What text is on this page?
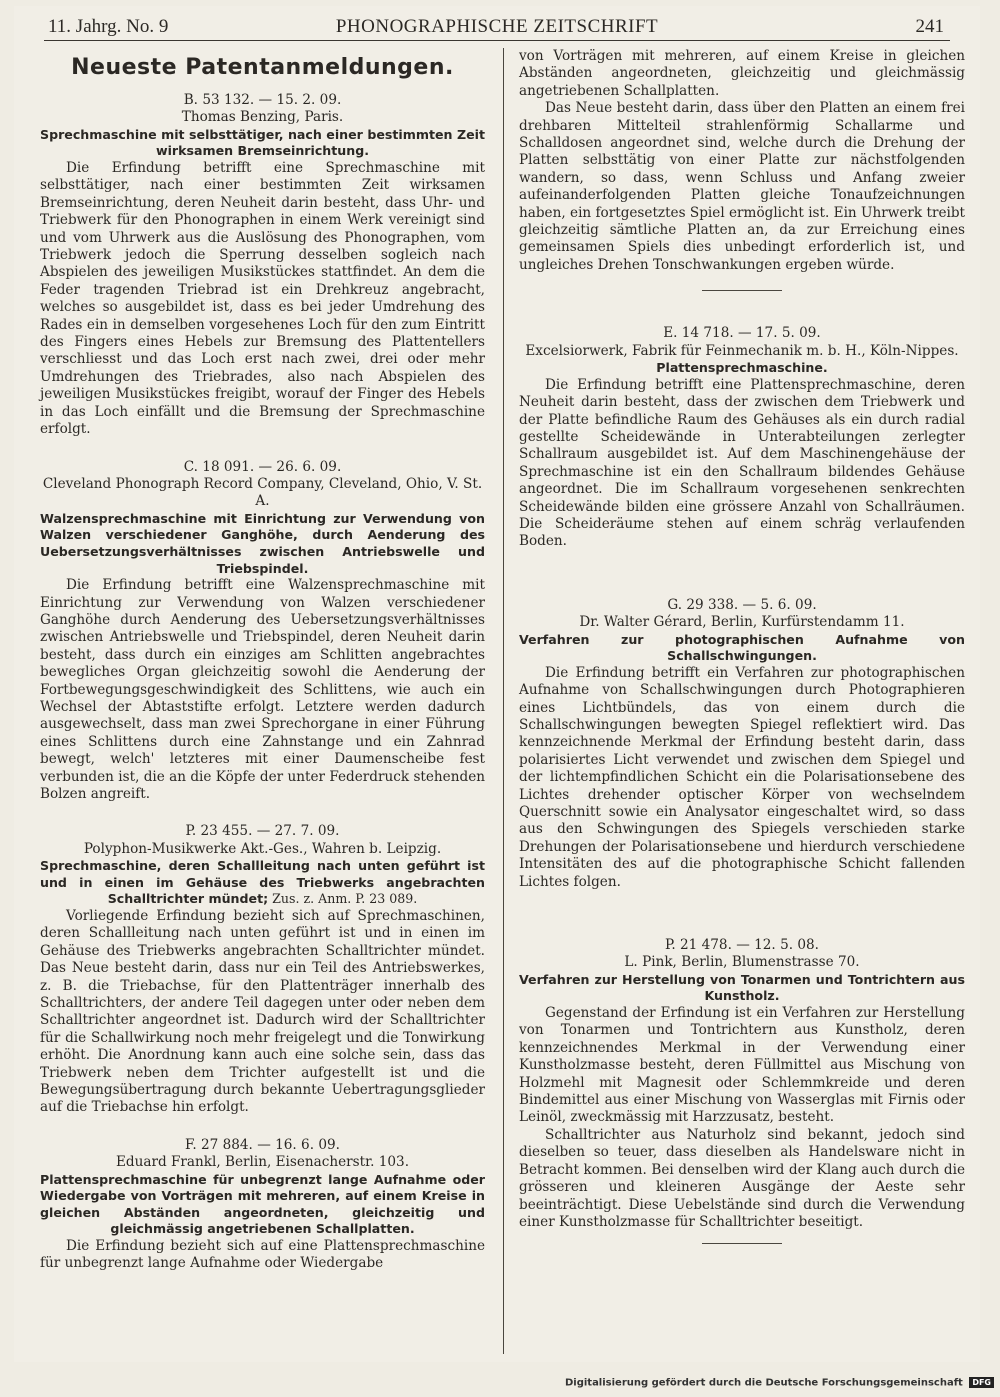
11. Jahrg. No. 9	PHONOGRAPHISCHE ZEITSCHRIFT	241
Neueste Patentanmeldungen.
B. 53 132. — 15. 2. 09.
Thomas Benzing, Paris.
Sprechmaschine mit selbsttätiger, nach einer bestimmten Zeit wirksamen Bremseinrichtung.
Die Erfindung betrifft eine Sprechmaschine mit selbsttätiger, nach einer bestimmten Zeit wirksamen Bremseinrichtung, deren Neuheit darin besteht, dass Uhr- und Triebwerk für den Phonographen in einem Werk vereinigt sind und vom Uhrwerk aus die Auslösung des Phonographen, vom Triebwerk jedoch die Sperrung desselben sogleich nach Abspielen des jeweiligen Musikstückes stattfindet. An dem die Feder tragenden Triebrad ist ein Drehkreuz angebracht, welches so ausgebildet ist, dass es bei jeder Umdrehung des Rades ein in demselben vorgesehenes Loch für den zum Eintritt des Fingers eines Hebels zur Bremsung des Plattentellers verschliesst und das Loch erst nach zwei, drei oder mehr Umdrehungen des Triebrades, also nach Abspielen des jeweiligen Musikstückes freigibt, worauf der Finger des Hebels in das Loch einfällt und die Bremsung der Sprechmaschine erfolgt.
C. 18 091. — 26. 6. 09.
Cleveland Phonograph Record Company, Cleveland, Ohio, V. St. A.
Walzensprechmaschine mit Einrichtung zur Verwendung von Walzen verschiedener Ganghöhe, durch Aenderung des Uebersetzungsverhältnisses zwischen Antriebswelle und Triebspindel.
Die Erfindung betrifft eine Walzensprechmaschine mit Einrichtung zur Verwendung von Walzen verschiedener Ganghöhe durch Aenderung des Uebersetzungsverhältnisses zwischen Antriebswelle und Triebspindel, deren Neuheit darin besteht, dass durch ein einziges am Schlitten angebrachtes bewegliches Organ gleichzeitig sowohl die Aenderung der Fortbewegungsgeschwindigkeit des Schlittens, wie auch ein Wechsel der Abtaststifte erfolgt. Letztere werden dadurch ausgewechselt, dass man zwei Sprechorgane in einer Führung eines Schlittens durch eine Zahnstange und ein Zahnrad bewegt, welch' letzteres mit einer Daumenscheibe fest verbunden ist, die an die Köpfe der unter Federdruck stehenden Bolzen angreift.
P. 23 455. — 27. 7. 09.
Polyphon-Musikwerke Akt.-Ges., Wahren b. Leipzig.
Sprechmaschine, deren Schallleitung nach unten geführt ist und in einen im Gehäuse des Triebwerks angebrachten Schalltrichter mündet; Zus. z. Anm. P. 23 089.
Vorliegende Erfindung bezieht sich auf Sprechmaschinen, deren Schallleitung nach unten geführt ist und in einen im Gehäuse des Triebwerks angebrachten Schalltrichter mündet. Das Neue besteht darin, dass nur ein Teil des Antriebswerkes, z. B. die Triebachse, für den Plattenträger innerhalb des Schalltrichters, der andere Teil dagegen unter oder neben dem Schalltrichter angeordnet ist. Dadurch wird der Schalltrichter für die Schallwirkung noch mehr freigelegt und die Tonwirkung erhöht. Die Anordnung kann auch eine solche sein, dass das Triebwerk neben dem Trichter aufgestellt ist und die Bewegungsübertragung durch bekannte Uebertragungsglieder auf die Triebachse hin erfolgt.
F. 27 884. — 16. 6. 09.
Eduard Frankl, Berlin, Eisenacherstr. 103.
Plattensprechmaschine für unbegrenzt lange Aufnahme oder Wiedergabe von Vorträgen mit mehreren, auf einem Kreise in gleichen Abständen angeordneten, gleichzeitig und gleichmässig angetriebenen Schallplatten.
Die Erfindung bezieht sich auf eine Plattensprechmaschine für unbegrenzt lange Aufnahme oder Wiedergabe
von Vorträgen mit mehreren, auf einem Kreise in gleichen Abständen angeordneten, gleichzeitig und gleichmässig angetriebenen Schallplatten.
Das Neue besteht darin, dass über den Platten an einem frei drehbaren Mittelteil strahlenförmig Schallarme und Schalldosen angeordnet sind, welche durch die Drehung der Platten selbsttätig von einer Platte zur nächstfolgenden wandern, so dass, wenn Schluss und Anfang zweier aufeinanderfolgenden Platten gleiche Tonaufzeichnungen haben, ein fortgesetztes Spiel ermöglicht ist. Ein Uhrwerk treibt gleichzeitig sämtliche Platten an, da zur Erreichung eines gemeinsamen Spiels dies unbedingt erforderlich ist, und ungleiches Drehen Tonschwankungen ergeben würde.
E. 14 718. — 17. 5. 09.
Excelsiorwerk, Fabrik für Feinmechanik m. b. H., Köln-Nippes.
Plattensprechmaschine.
Die Erfindung betrifft eine Plattensprechmaschine, deren Neuheit darin besteht, dass der zwischen dem Triebwerk und der Platte befindliche Raum des Gehäuses als ein durch radial gestellte Scheidewände in Unterabteilungen zerlegter Schallraum ausgebildet ist. Auf dem Maschinengehäuse der Sprechmaschine ist ein den Schallraum bildendes Gehäuse angeordnet. Die im Schallraum vorgesehenen senkrechten Scheidewände bilden eine grössere Anzahl von Schallräumen. Die Scheideräume stehen auf einem schräg verlaufenden Boden.
G. 29 338. — 5. 6. 09.
Dr. Walter Gérard, Berlin, Kurfürstendamm 11.
Verfahren zur photographischen Aufnahme von Schallschwingungen.
Die Erfindung betrifft ein Verfahren zur photographischen Aufnahme von Schallschwingungen durch Photographieren eines Lichtbündels, das von einem durch die Schallschwingungen bewegten Spiegel reflektiert wird. Das kennzeichnende Merkmal der Erfindung besteht darin, dass polarisiertes Licht verwendet und zwischen dem Spiegel und der lichtempfindlichen Schicht ein die Polarisationsebene des Lichtes drehender optischer Körper von wechselndem Querschnitt sowie ein Analysator eingeschaltet wird, so dass aus den Schwingungen des Spiegels verschieden starke Drehungen der Polarisationsebene und hierdurch verschiedene Intensitäten des auf die photographische Schicht fallenden Lichtes folgen.
P. 21 478. — 12. 5. 08.
L. Pink, Berlin, Blumenstrasse 70.
Verfahren zur Herstellung von Tonarmen und Tontrichtern aus Kunstholz.
Gegenstand der Erfindung ist ein Verfahren zur Herstellung von Tonarmen und Tontrichtern aus Kunstholz, deren kennzeichnendes Merkmal in der Verwendung einer Kunstholzmasse besteht, deren Füllmittel aus Mischung von Holzmehl mit Magnesit oder Schlemmkreide und deren Bindemittel aus einer Mischung von Wasserglas mit Firnis oder Leinöl, zweckmässig mit Harzzusatz, besteht.
Schalltrichter aus Naturholz sind bekannt, jedoch sind dieselben so teuer, dass dieselben als Handelsware nicht in Betracht kommen. Bei denselben wird der Klang auch durch die grösseren und kleineren Ausgänge der Aeste sehr beeinträchtigt. Diese Uebelstände sind durch die Verwendung einer Kunstholzmasse für Schalltrichter beseitigt.
Digitalisierung gefördert durch die Deutsche Forschungsgemeinschaft DFG
